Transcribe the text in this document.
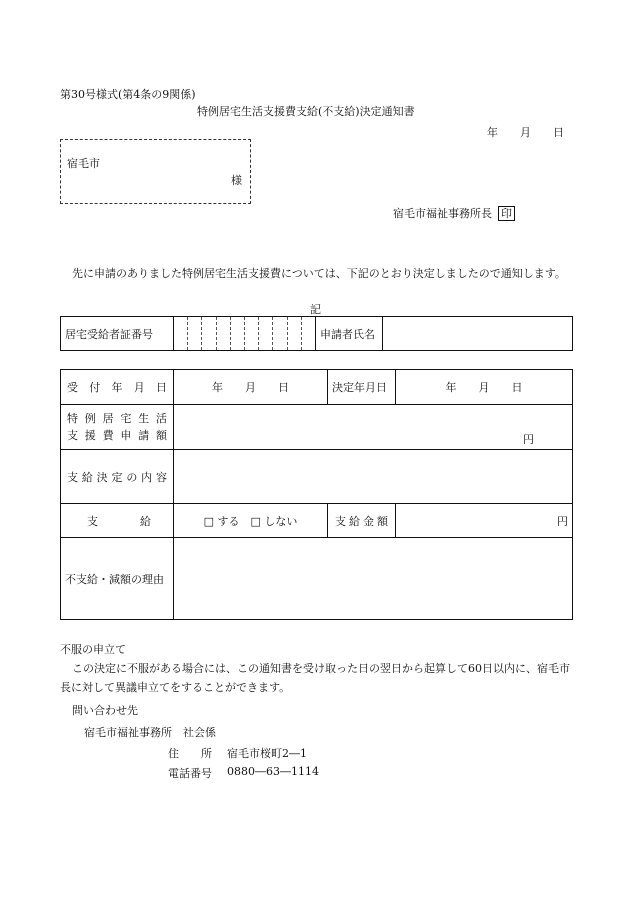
第30号様式(第4条の9関係)
特例居宅生活支援費支給(不支給)決定通知書
年　　月　　日
宿毛市
様
宿毛市福祉事務所長 印
先に申請のありました特例居宅生活支援費については、下記のとおり決定しましたので通知します。
記
居宅受給者証番号		申請者氏名	
受付年月日	年　　月　　日	決定年月日	年　　月　　日

特例居宅生活
支援費申請額	円		

支給決定の内容			

支 給	□ する　□ しない	支給金額	円
不支給・減額の理由			
不服の申立て
この決定に不服がある場合には、この通知書を受け取った日の翌日から起算して60日以内に、宿毛市長に対して異議申立てをすることができます。
問い合わせ先
宿毛市福祉事務所　社会係
住　　所 宿毛市桜町2―1
電話番号 0880―63―1114
